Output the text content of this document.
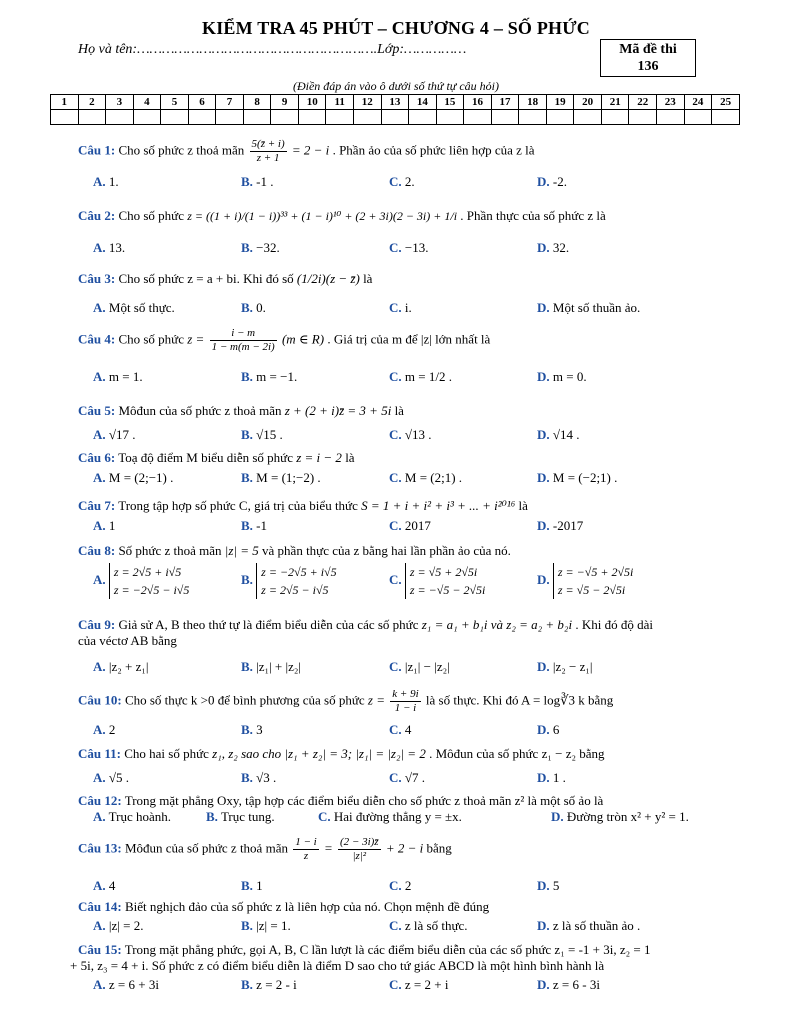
KIỂM TRA 45 PHÚT – CHƯƠNG 4 – SỐ PHỨC
Họ và tên:………………………………………………….Lớp:……………	Mã đề thi
136
(Điền đáp án vào ô dưới số thứ tự câu hỏi)
1	2	3	4	5	6	7	8	9	10	11	12	13	14	15	16	17	18	19	20	21	22	23	24	25

Câu 1: Cho số phức z thoả mãn $\frac{5(z̄ + i)}{z + 1} = 2 - i$ . Phần ảo của số phức liên hợp của z là
A. 1.	B. -1 .	C. 2.	D. -2.
Câu 2: Cho số phức z = ((1 + i)/(1 − i))³³ + (1 − i)¹⁰ + (2 + 3i)(2 − 3i) + 1/i . Phần thực của số phức z là
A. 13.	B. −32.	C. −13.	D. 32.
Câu 3: Cho số phức z = a + bi. Khi đó số (1/2i)(z − z̄) là
A. Một số thực.	B. 0.	C. i.	D. Một số thuần ảo.
Câu 4: Cho số phức $z = \frac{i - m}{1 - m(m - 2i)} (m$ ∈ R) . Giá trị của m để |z| lớn nhất là
A. m = 1.	B. m = −1.	C. m = 1/2 .	D. m = 0.
Câu 5: Môđun của số phức z thoả mãn z + (2 + i)z̄ = 3 + 5i là
A. √17 .	B. √15 .	C. √13 .	D. √14 .
Câu 6: Toạ độ điểm M biểu diễn số phức z = i − 2 là
A. M = (2;−1) .	B. M = (1;−2) .	C. M = (2;1) .	D. M = (−2;1) .
Câu 7: Trong tập hợp số phức C, giá trị của biểu thức S = 1 + i + i² + i³ + ... + i²⁰¹⁶ là
A. 1	B. -1	C. 2017	D. -2017
Câu 8: Số phức z thoả mãn |z| = 5 và phần thực của z bằng hai lần phần ảo của nó.
A. z = 2√5 + i√5
z = −2√5 − i√5
B. z = −2√5 + i√5
z = 2√5 − i√5
C. z = √5 + 2√5i
z = −√5 − 2√5i
D. z = −√5 + 2√5i
z = √5 − 2√5i
Câu 9: Giả sử A, B theo thứ tự là điểm biểu diễn của các số phức z₁ = a₁ + b₁i và z₂ = a₂ + b₂i . Khi đó độ dài
của véctơ AB bằng
A. |z₂ + z₁|	B. |z₁| + |z₂|	C. |z₁| − |z₂|	D. |z₂ − z₁|
Câu 10: Cho số thực k >0 để bình phương của số phức $z = \frac{k + 9i}{1 - i}$ là số thực. Khi đó A = log∛3 k bằng
A. 2	B. 3	C. 4	D. 6
Câu 11: Cho hai số phức z₁, z₂ sao cho |z₁ + z₂| = 3; |z₁| = |z₂| = 2 . Môđun của số phức z₁ − z₂ bằng
A. √5 .	B. √3 .	C. √7 .	D. 1 .
Câu 12: Trong mặt phẳng Oxy, tập hợp các điểm biểu diễn cho số phức z thoả mãn z² là một số ảo là
A. Trục hoành.	B. Trục tung.	C. Hai đường thẳng y = ±x.	D. Đường tròn x² + y² = 1.
Câu 13: Môđun của số phức z thoả mãn $\frac{1 - i}{z} = \frac{(2 - 3i)z̄}{\text{|z|²}} + 2 - i$ bằng
A. 4	B. 1	C. 2	D. 5
Câu 14: Biết nghịch đảo của số phức z là liên hợp của nó. Chọn mệnh đề đúng
A. |z| = 2.	B. |z| = 1.	C. z là số thực.	D. z là số thuần ảo .
Câu 15: Trong mặt phẳng phức, gọi A, B, C lần lượt là các điểm biểu diễn của các số phức z₁ = -1 + 3i, z₂ = 1
+ 5i, z₃ = 4 + i. Số phức z có điểm biểu diễn là điểm D sao cho tứ giác ABCD là một hình bình hành là
A. z = 6 + 3i	B. z = 2 - i	C. z = 2 + i	D. z = 6 - 3i
